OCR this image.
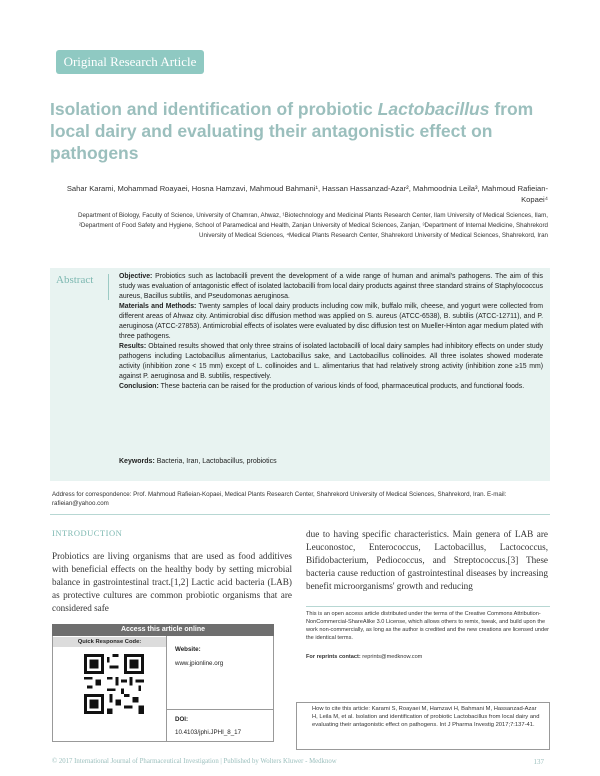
Original Research Article
Isolation and identification of probiotic Lactobacillus from local dairy and evaluating their antagonistic effect on pathogens
Sahar Karami, Mohammad Roayaei, Hosna Hamzavi, Mahmoud Bahmani¹, Hassan Hassanzad-Azar², Mahmoodnia Leila³, Mahmoud Rafieian-Kopaei⁴
Department of Biology, Faculty of Science, University of Chamran, Ahwaz, ¹Biotechnology and Medicinal Plants Research Center, Ilam University of Medical Sciences, Ilam, ²Department of Food Safety and Hygiene, School of Paramedical and Health, Zanjan University of Medical Sciences, Zanjan, ³Department of Internal Medicine, Shahrekord University of Medical Sciences, ⁴Medical Plants Research Center, Shahrekord University of Medical Sciences, Shahrekord, Iran
Abstract	Objective: Probiotics such as lactobacilli prevent the development of a wide range of human and animal's pathogens. The aim of this study was evaluation of antagonistic effect of isolated lactobacilli from local dairy products against three standard strains of Staphylococcus aureus, Bacillus subtilis, and Pseudomonas aeruginosa.

Materials and Methods: Twenty samples of local dairy products including cow milk, buffalo milk, cheese, and yogurt were collected from different areas of Ahwaz city. Antimicrobial disc diffusion method was applied on S. aureus (ATCC-6538), B. subtilis (ATCC-12711), and P. aeruginosa (ATCC-27853). Antimicrobial effects of isolates were evaluated by disc diffusion test on Mueller-Hinton agar medium plated with three pathogens.

Results: Obtained results showed that only three strains of isolated lactobacilli of local dairy samples had inhibitory effects on under study pathogens including Lactobacillus alimentarius, Lactobacillus sake, and Lactobacillus collinoides. All three isolates showed moderate activity (inhibition zone < 15 mm) except of L. collinoides and L. alimentarius that had relatively strong activity (inhibition zone ≥15 mm) against P. aeruginosa and B. subtilis, respectively.

Conclusion: These bacteria can be raised for the production of various kinds of food, pharmaceutical products, and functional foods.

Keywords: Bacteria, Iran, Lactobacillus, probiotics
Address for correspondence: Prof. Mahmoud Rafieian-Kopaei, Medical Plants Research Center, Shahrekord University of Medical Sciences, Shahrekord, Iran. E-mail: rafieian@yahoo.com
INTRODUCTION
Probiotics are living organisms that are used as food additives with beneficial effects on the healthy body by setting microbial balance in gastrointestinal tract.[1,2] Lactic acid bacteria (LAB) as protective cultures are common probiotic organisms that are considered safe
due to having specific characteristics. Main genera of LAB are Leuconostoc, Enterococcus, Lactobacillus, Lactococcus, Bifidobacterium, Pediococcus, and Streptococcus.[3] These bacteria cause reduction of gastrointestinal diseases by increasing benefit microorganisms' growth and reducing
Access this article online
Quick Response Code:
Website:
www.jpionline.org
DOI:
10.4103/jphi.JPHI_8_17
This is an open access article distributed under the terms of the Creative Commons Attribution-NonCommercial-ShareAlike 3.0 License, which allows others to remix, tweak, and build upon the work non-commercially, as long as the author is credited and the new creations are licensed under the identical terms.
For reprints contact: reprints@medknow.com
How to cite this article: Karami S, Roayaei M, Hamzavi H, Bahmani M, Hassanzad-Azar H, Leila M, et al. Isolation and identification of probiotic Lactobacillus from local dairy and evaluating their antagonistic effect on pathogens. Int J Pharma Investig 2017;7:137-41.
© 2017 International Journal of Pharmaceutical Investigation | Published by Wolters Kluwer - Medknow	137
